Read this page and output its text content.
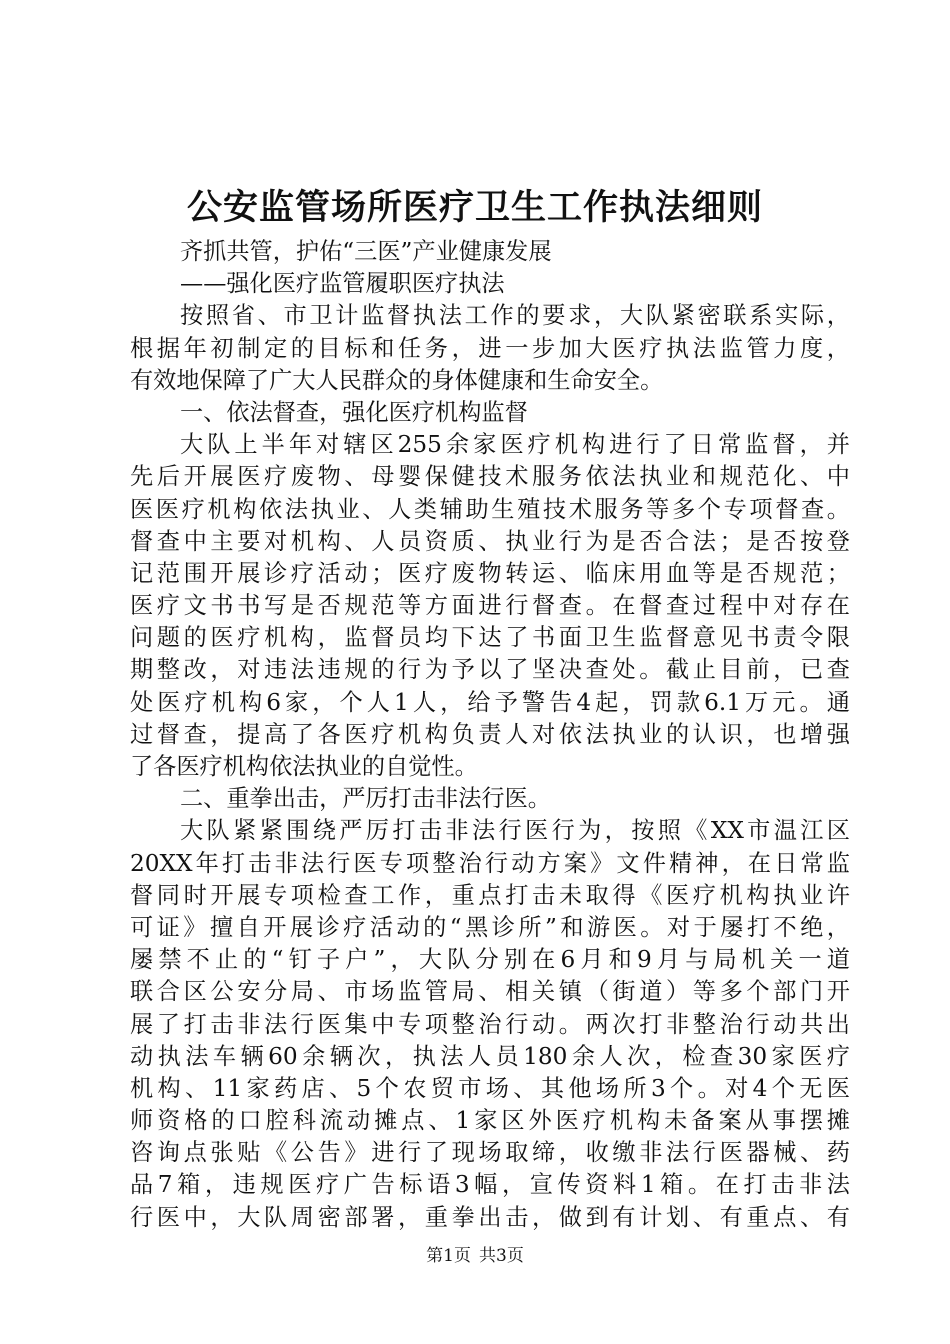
公安监管场所医疗卫生工作执法细则
齐抓共管，护佑“三医”产业健康发展
——强化医疗监管履职医疗执法
按照省、市卫计监督执法工作的要求，大队紧密联系实际，
根据年初制定的目标和任务，进一步加大医疗执法监管力度，
有效地保障了广大人民群众的身体健康和生命安全。
一、依法督查，强化医疗机构监督
大队上半年对辖区255余家医疗机构进行了日常监督，并
先后开展医疗废物、母婴保健技术服务依法执业和规范化、中
医医疗机构依法执业、人类辅助生殖技术服务等多个专项督查。
督查中主要对机构、人员资质、执业行为是否合法；是否按登
记范围开展诊疗活动；医疗废物转运、临床用血等是否规范；
医疗文书书写是否规范等方面进行督查。在督查过程中对存在
问题的医疗机构，监督员均下达了书面卫生监督意见书责令限
期整改，对违法违规的行为予以了坚决查处。截止目前，已查
处医疗机构6家，个人1人，给予警告4起，罚款6.1万元。通
过督查，提高了各医疗机构负责人对依法执业的认识，也增强
了各医疗机构依法执业的自觉性。
二、重拳出击，严厉打击非法行医。
大队紧紧围绕严厉打击非法行医行为，按照《XX市温江区
20XX年打击非法行医专项整治行动方案》文件精神，在日常监
督同时开展专项检查工作，重点打击未取得《医疗机构执业许
可证》擅自开展诊疗活动的“黑诊所”和游医。对于屡打不绝，
屡禁不止的“钉子户”，大队分别在6月和9月与局机关一道
联合区公安分局、市场监管局、相关镇（街道）等多个部门开
展了打击非法行医集中专项整治行动。两次打非整治行动共出
动执法车辆60余辆次，执法人员180余人次，检查30家医疗
机构、11家药店、5个农贸市场、其他场所3个。对4个无医
师资格的口腔科流动摊点、1家区外医疗机构未备案从事摆摊
咨询点张贴《公告》进行了现场取缔，收缴非法行医器械、药
品7箱，违规医疗广告标语3幅，宣传资料1箱。在打击非法
行医中，大队周密部署，重拳出击，做到有计划、有重点、有
第1页 共3页
